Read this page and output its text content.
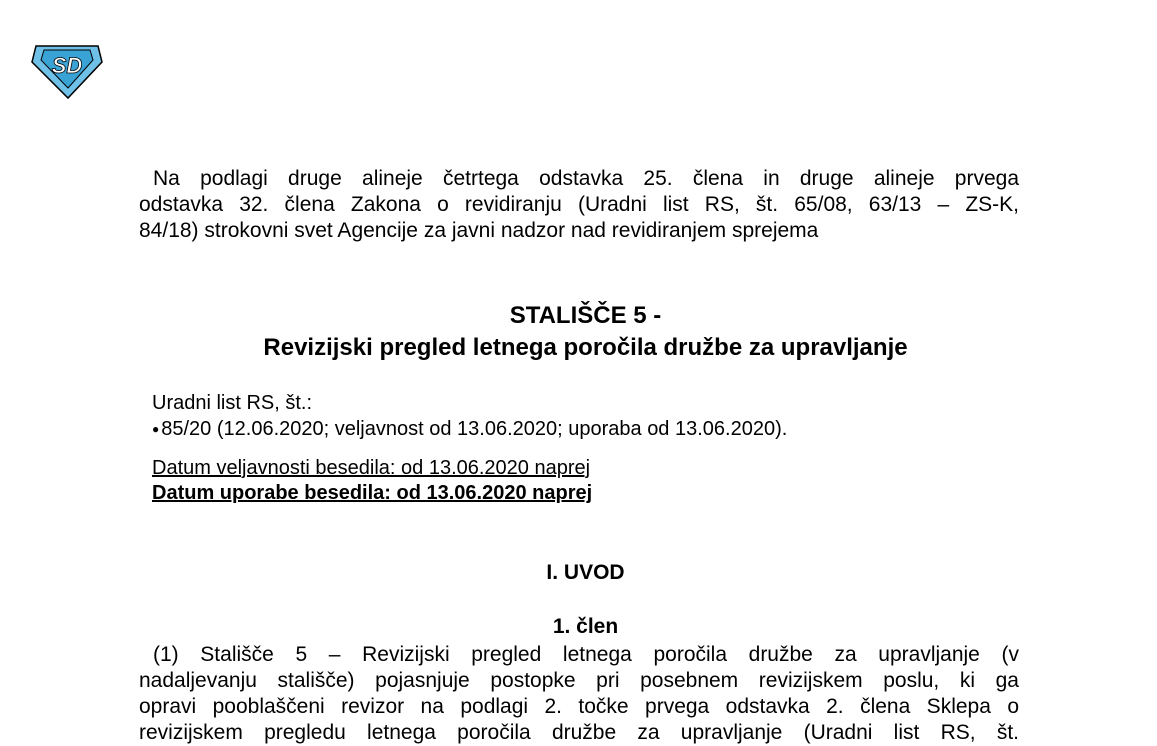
SD

Na podlagi druge alineje četrtega odstavka 25. člena in druge alineje prvega

odstavka 32. člena Zakona o revidiranju (Uradni list RS, št. 65/08, 63/13 – ZS-K,

84/18) strokovni svet Agencije za javni nadzor nad revidiranjem sprejema

STALIŠČE 5 -
Revizijski pregled letnega poročila družbe za upravljanje
Uradni list RS, št.:
● 85/20 (12.06.2020; veljavnost od 13.06.2020; uporaba od 13.06.2020).
Datum veljavnosti besedila: od 13.06.2020 naprej
Datum uporabe besedila: od 13.06.2020 naprej
I. UVOD
1. člen

(1) Stališče 5 – Revizijski pregled letnega poročila družbe za upravljanje (v

nadaljevanju stališče) pojasnjuje postopke pri posebnem revizijskem poslu, ki ga

opravi pooblaščeni revizor na podlagi 2. točke prvega odstavka 2. člena Sklepa o

revizijskem pregledu letnega poročila družbe za upravljanje (Uradni list RS, št.
